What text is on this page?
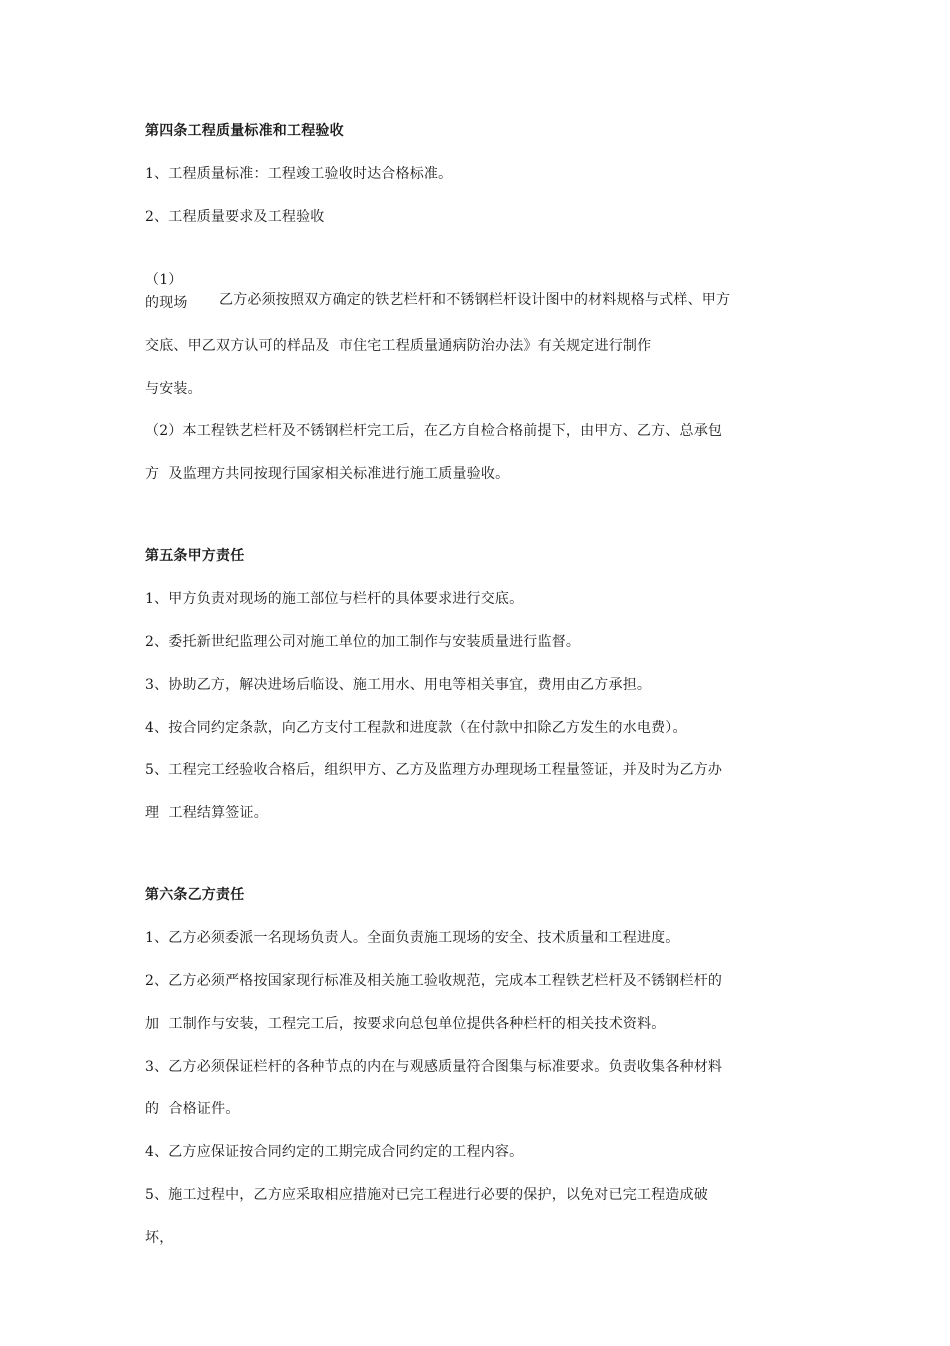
第四条工程质量标准和工程验收
1、工程质量标准：工程竣工验收时达合格标准。
2、工程质量要求及工程验收

（1）

乙方必须按照双方确定的铁艺栏杆和不锈钢栏杆设计图中的材料规格与式样、甲方

的现场
交底、甲乙双方认可的样品及  市住宅工程质量通病防治办法》有关规定进行制作
与安装。
（2）本工程铁艺栏杆及不锈钢栏杆完工后，在乙方自检合格前提下，由甲方、乙方、总承包
方  及监理方共同按现行国家相关标准进行施工质量验收。
第五条甲方责任
1、甲方负责对现场的施工部位与栏杆的具体要求进行交底。
2、委托新世纪监理公司对施工单位的加工制作与安装质量进行监督。
3、协助乙方，解决进场后临设、施工用水、用电等相关事宜，费用由乙方承担。
4、按合同约定条款，向乙方支付工程款和进度款（在付款中扣除乙方发生的水电费）。
5、工程完工经验收合格后，组织甲方、乙方及监理方办理现场工程量签证，并及时为乙方办
理  工程结算签证。
第六条乙方责任
1、乙方必须委派一名现场负责人。全面负责施工现场的安全、技术质量和工程进度。
2、乙方必须严格按国家现行标准及相关施工验收规范，完成本工程铁艺栏杆及不锈钢栏杆的
加  工制作与安装，工程完工后，按要求向总包单位提供各种栏杆的相关技术资料。
3、乙方必须保证栏杆的各种节点的内在与观感质量符合图集与标准要求。负责收集各种材料
的  合格证件。
4、乙方应保证按合同约定的工期完成合同约定的工程内容。
5、施工过程中，乙方应采取相应措施对已完工程进行必要的保护，以免对已完工程造成破
坏，
